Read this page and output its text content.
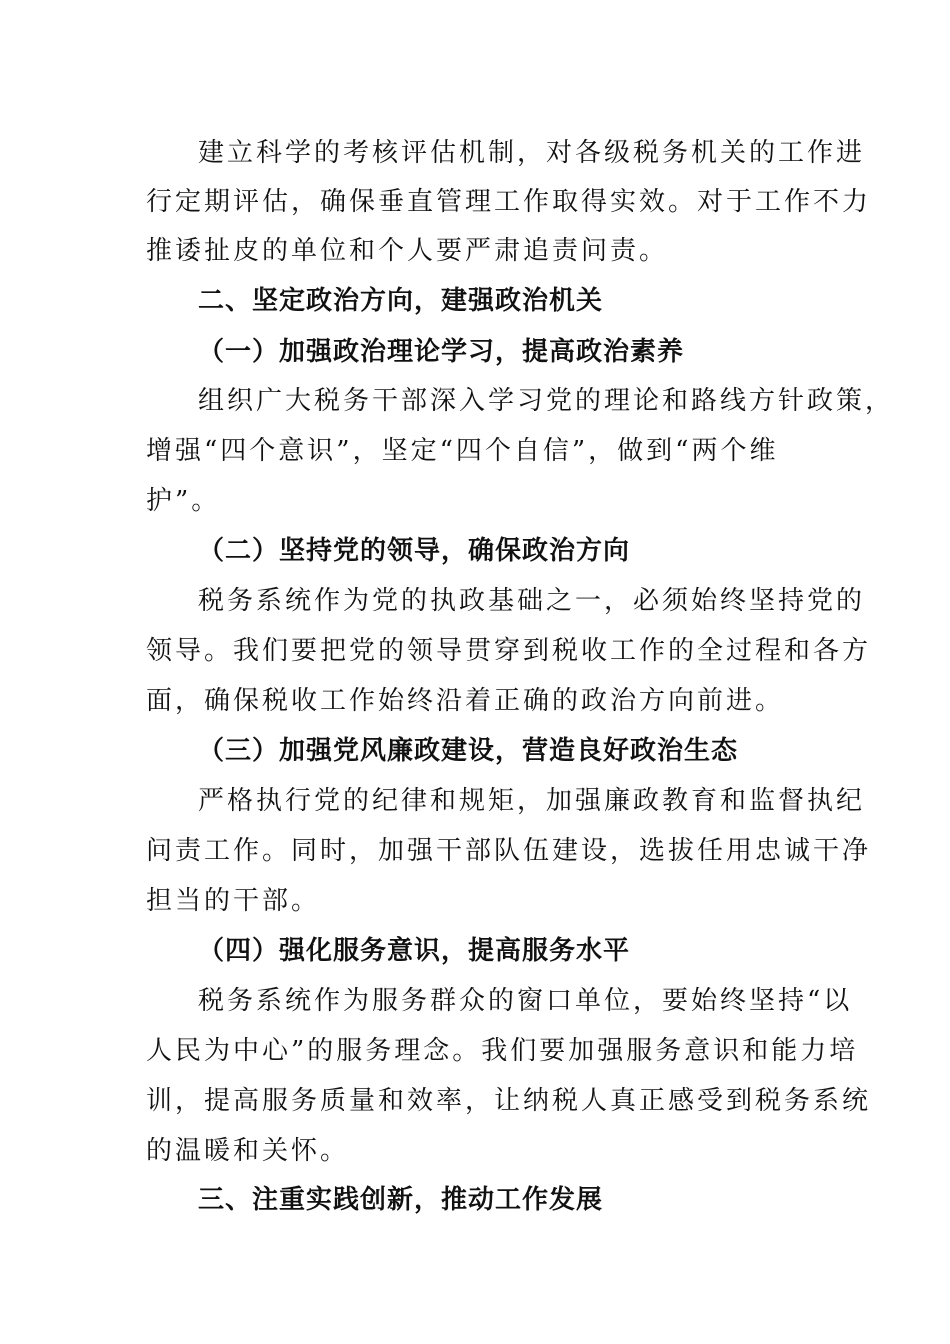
建立科学的考核评估机制，对各级税务机关的工作进
行定期评估，确保垂直管理工作取得实效。对于工作不力
推诿扯皮的单位和个人要严肃追责问责。
二、坚定政治方向，建强政治机关
（一）加强政治理论学习，提高政治素养
组织广大税务干部深入学习党的理论和路线方针政策，
增强“四个意识”，坚定“四个自信”，做到“两个维
护”。
（二）坚持党的领导，确保政治方向
税务系统作为党的执政基础之一，必须始终坚持党的
领导。我们要把党的领导贯穿到税收工作的全过程和各方
面，确保税收工作始终沿着正确的政治方向前进。
（三）加强党风廉政建设，营造良好政治生态
严格执行党的纪律和规矩，加强廉政教育和监督执纪
问责工作。同时，加强干部队伍建设，选拔任用忠诚干净
担当的干部。
（四）强化服务意识，提高服务水平
税务系统作为服务群众的窗口单位，要始终坚持“以
人民为中心”的服务理念。我们要加强服务意识和能力培
训，提高服务质量和效率，让纳税人真正感受到税务系统
的温暖和关怀。
三、注重实践创新，推动工作发展
